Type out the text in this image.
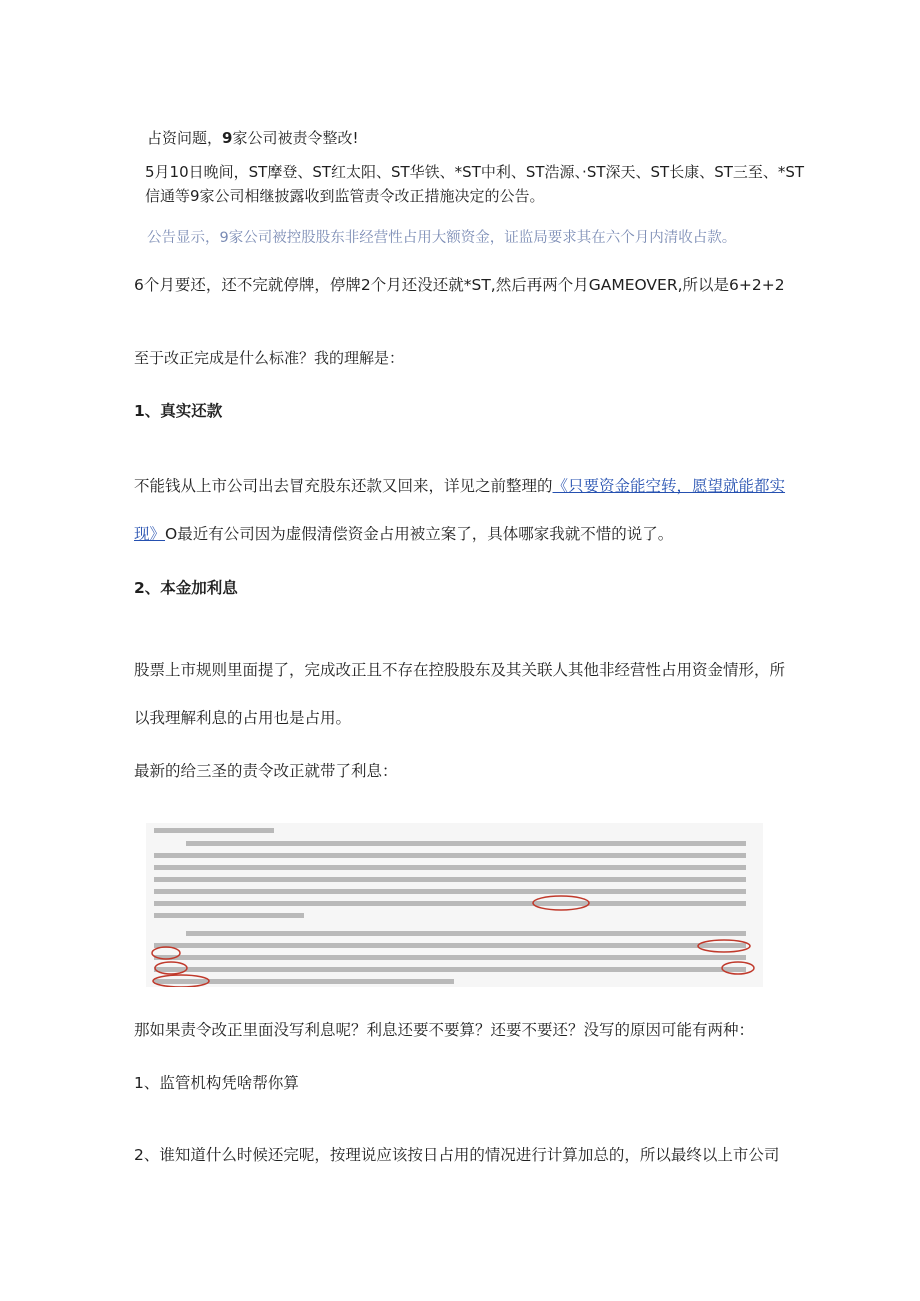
占资问题，9家公司被责令整改!
5月10日晚间，ST摩登、ST红太阳、ST华铁、*ST中利、ST浩源、·ST深天、ST长康、ST三至、*ST信通等9家公司相继披露收到监管责令改正措施决定的公告。
公告显示，9家公司被控股股东非经营性占用大额资金，证监局要求其在六个月内清收占款。
6个月要还，还不完就停牌，停牌2个月还没还就*ST,然后再两个月GAMEOVER,所以是6+2+2
至于改正完成是什么标准？我的理解是：
1、真实还款
不能钱从上市公司出去冒充股东还款又回来，详见之前整理的《只要资金能空转，愿望就能都实
现》O最近有公司因为虚假清偿资金占用被立案了，具体哪家我就不惜的说了。
2、本金加利息
股票上市规则里面提了，完成改正且不存在控股股东及其关联人其他非经营性占用资金情形，所
以我理解利息的占用也是占用。
最新的给三圣的责令改正就带了利息：
那如果责令改正里面没写利息呢？利息还要不要算？还要不要还？没写的原因可能有两种：
1、监管机构凭啥帮你算
2、谁知道什么时候还完呢，按理说应该按日占用的情况进行计算加总的，所以最终以上市公司
